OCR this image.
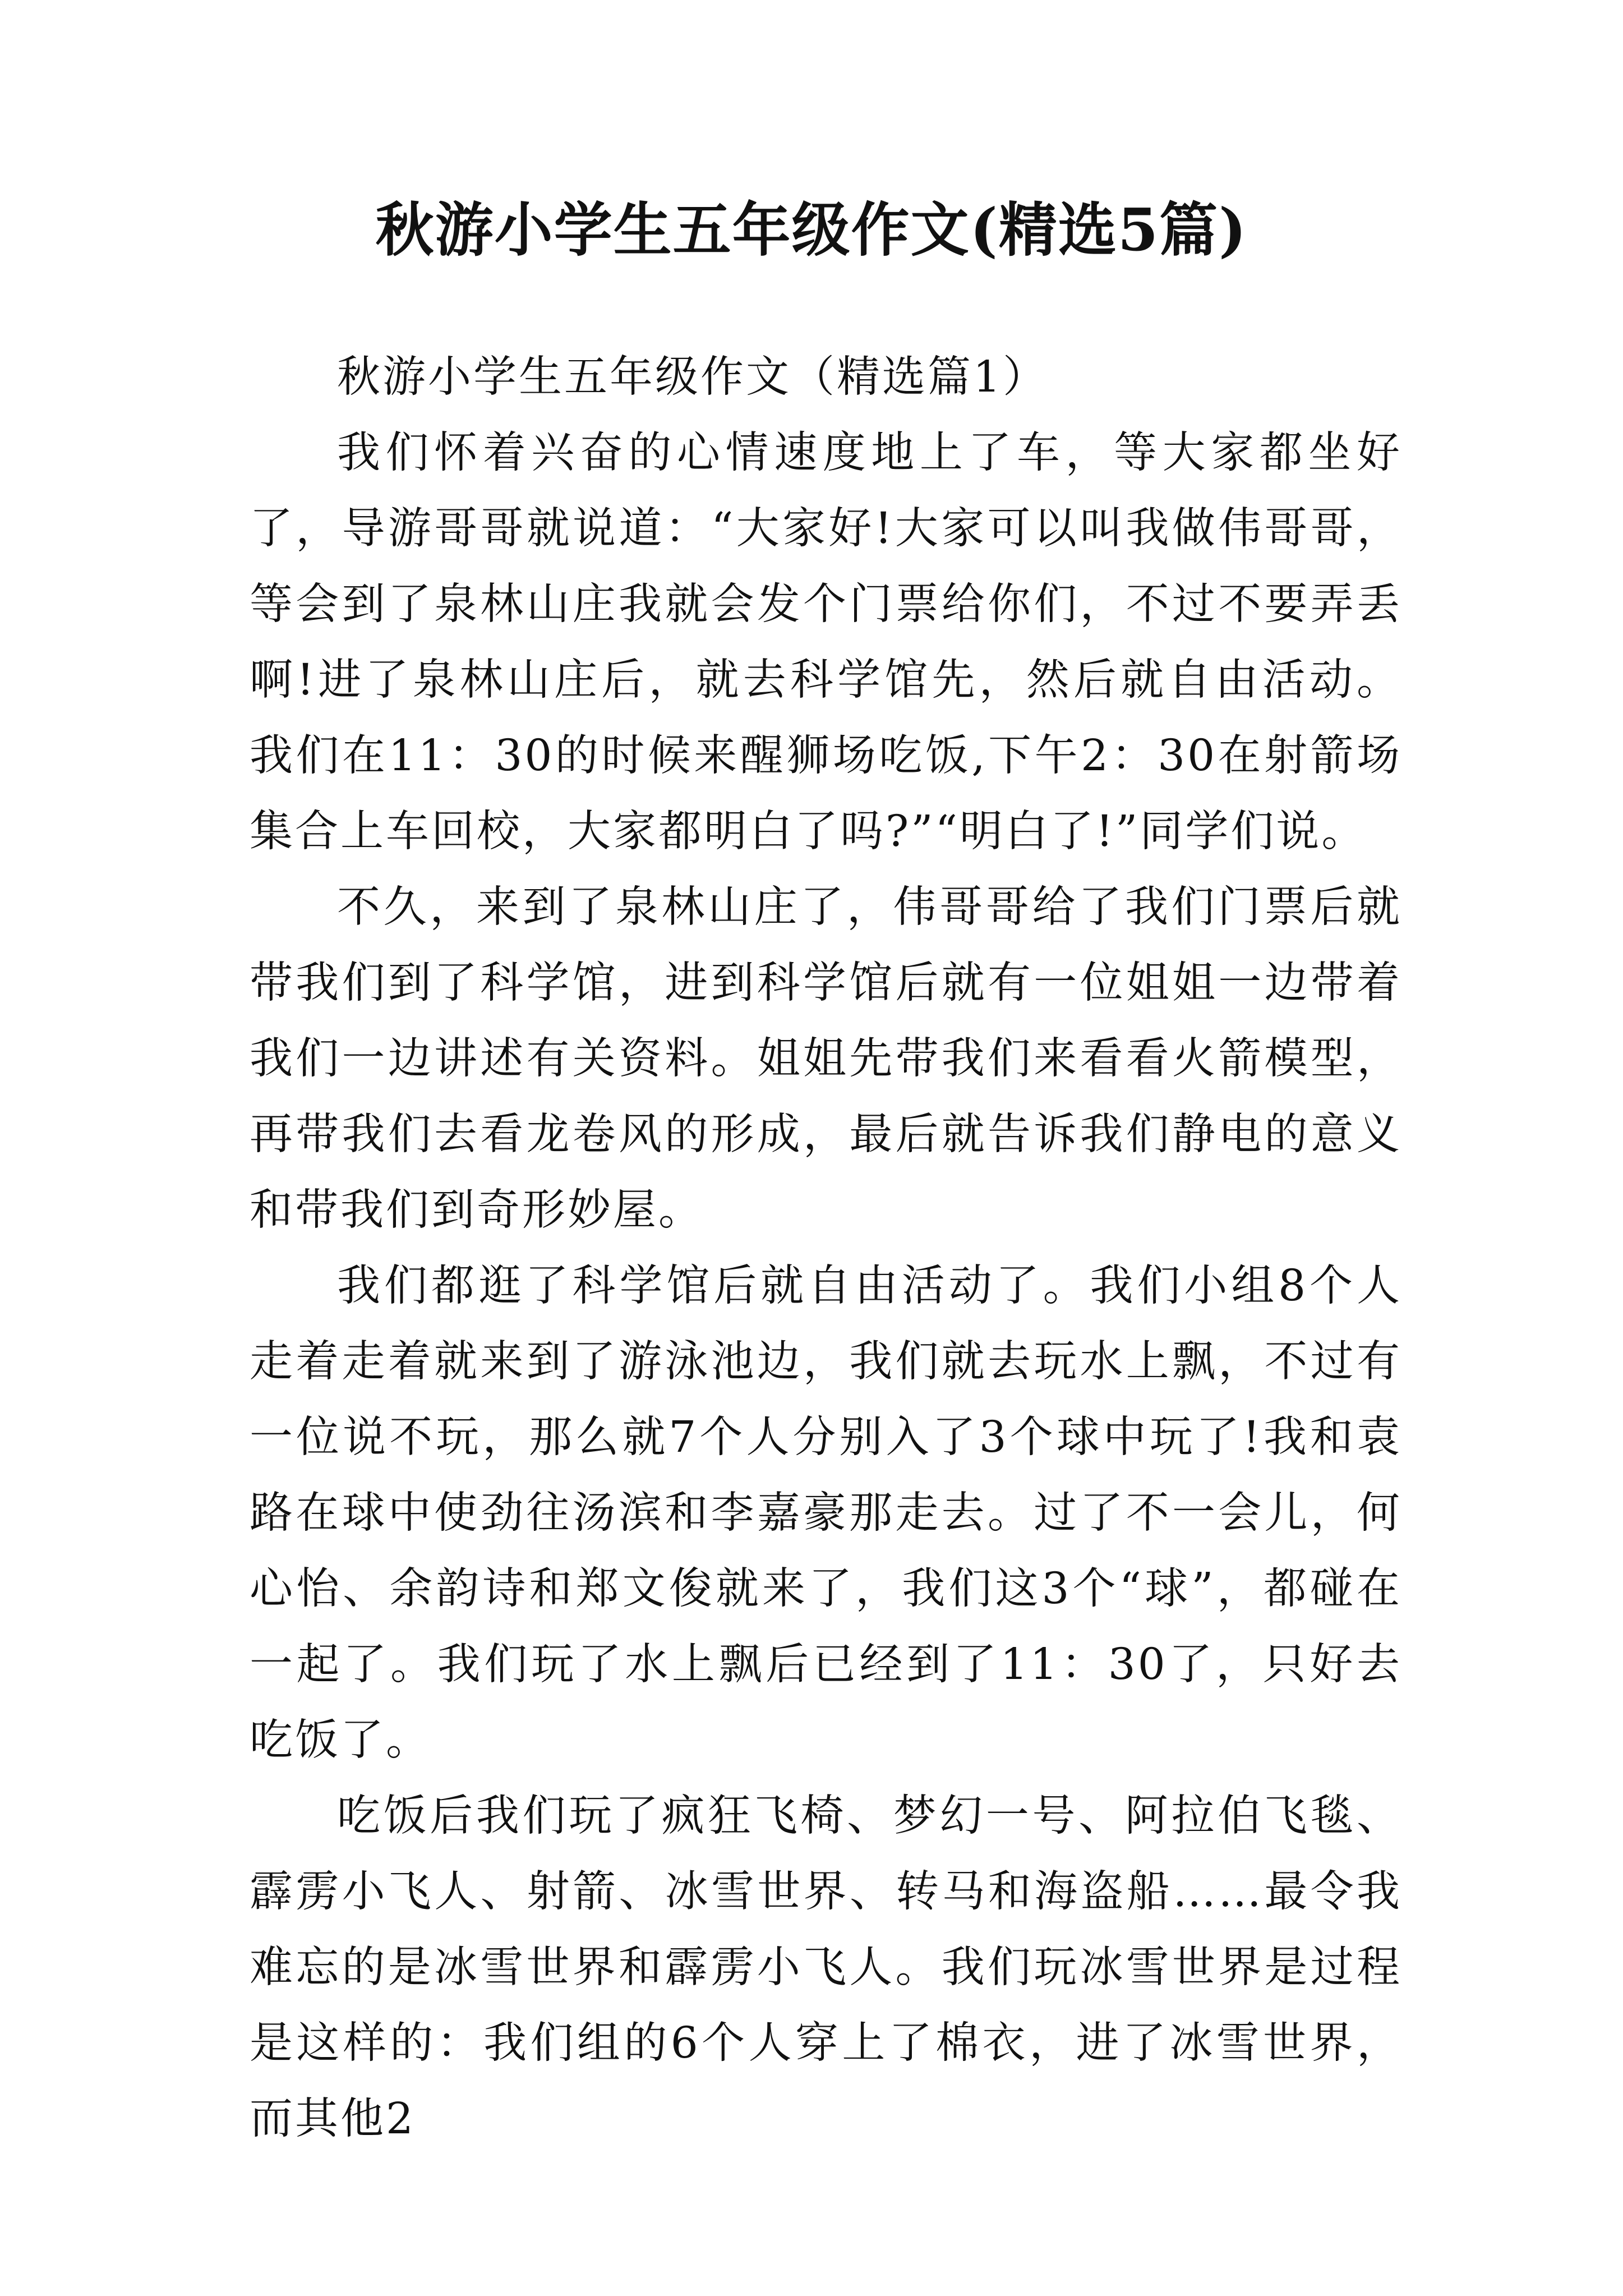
秋游小学生五年级作文(精选5篇)

秋游小学生五年级作文（精选篇1）

我们怀着兴奋的心情速度地上了车，等大家都坐好了，导游哥哥就说道：“大家好!大家可以叫我做伟哥哥，等会到了泉林山庄我就会发个门票给你们，不过不要弄丢啊!进了泉林山庄后，就去科学馆先，然后就自由活动。我们在11：30的时候来醒狮场吃饭,下午2：30在射箭场集合上车回校，大家都明白了吗?”“明白了!”同学们说。

不久，来到了泉林山庄了，伟哥哥给了我们门票后就带我们到了科学馆，进到科学馆后就有一位姐姐一边带着我们一边讲述有关资料。姐姐先带我们来看看火箭模型，再带我们去看龙卷风的形成，最后就告诉我们静电的意义和带我们到奇形妙屋。

我们都逛了科学馆后就自由活动了。我们小组8个人走着走着就来到了游泳池边，我们就去玩水上飘，不过有一位说不玩，那么就7个人分别入了3个球中玩了!我和袁路在球中使劲往汤滨和李嘉豪那走去。过了不一会儿，何心怡、余韵诗和郑文俊就来了，我们这3个“球”，都碰在一起了。我们玩了水上飘后已经到了11：30了，只好去吃饭了。

吃饭后我们玩了疯狂飞椅、梦幻一号、阿拉伯飞毯、霹雳小飞人、射箭、冰雪世界、转马和海盗船……最令我难忘的是冰雪世界和霹雳小飞人。我们玩冰雪世界是过程是这样的：我们组的6个人穿上了棉衣，进了冰雪世界，而其他2
